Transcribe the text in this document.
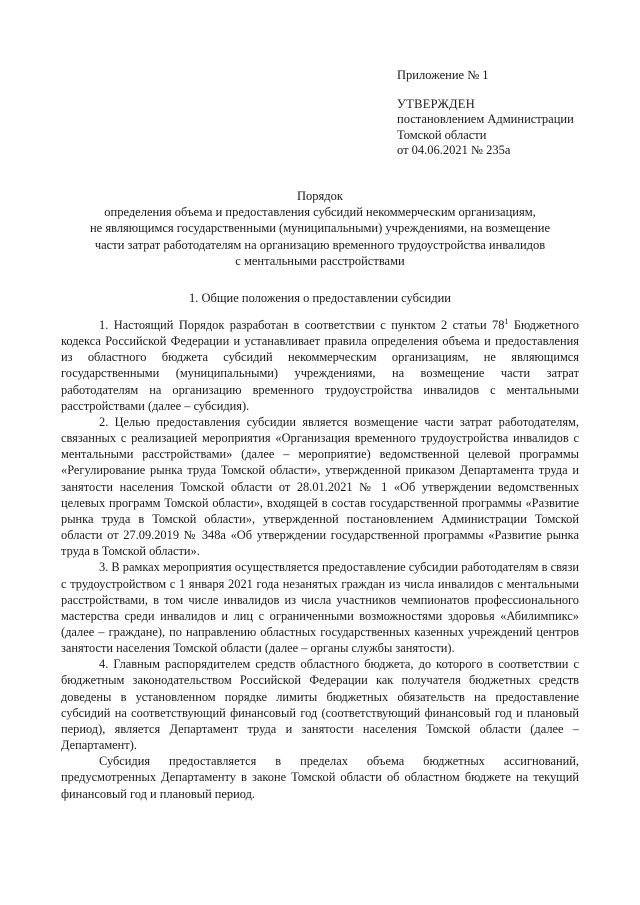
Приложение № 1
УТВЕРЖДЕН
постановлением Администрации
Томской области
от 04.06.2021 № 235а
Порядок
определения объема и предоставления субсидий некоммерческим организациям,
не являющимся государственными (муниципальными) учреждениями, на возмещение
части затрат работодателям на организацию временного трудоустройства инвалидов
с ментальными расстройствами
1. Общие положения о предоставлении субсидии

1. Настоящий Порядок разработан в соответствии с пунктом 2 статьи $78^1$ Бюджетного кодекса Российской Федерации и устанавливает правила определения объема и предоставления из областного бюджета субсидий некоммерческим организациям, не являющимся государственными (муниципальными) учреждениями, на возмещение части затрат работодателям на организацию временного трудоустройства инвалидов с ментальными расстройствами (далее – субсидия).

2. Целью предоставления субсидии является возмещение части затрат работодателям, связанных с реализацией мероприятия «Организация временного трудоустройства инвалидов с ментальными расстройствами» (далее – мероприятие) ведомственной целевой программы «Регулирование рынка труда Томской области», утвержденной приказом Департамента труда и занятости населения Томской области от 28.01.2021 № 1 «Об утверждении ведомственных целевых программ Томской области», входящей в состав государственной программы «Развитие рынка труда в Томской области», утвержденной постановлением Администрации Томской области от 27.09.2019 № 348а «Об утверждении государственной программы «Развитие рынка труда в Томской области».

3. В рамках мероприятия осуществляется предоставление субсидии работодателям в связи с трудоустройством с 1 января 2021 года незанятых граждан из числа инвалидов с ментальными расстройствами, в том числе инвалидов из числа участников чемпионатов профессионального мастерства среди инвалидов и лиц с ограниченными возможностями здоровья «Абилимпикс» (далее – граждане), по направлению областных государственных казенных учреждений центров занятости населения Томской области (далее – органы службы занятости).

4. Главным распорядителем средств областного бюджета, до которого в соответствии с бюджетным законодательством Российской Федерации как получателя бюджетных средств доведены в установленном порядке лимиты бюджетных обязательств на предоставление субсидий на соответствующий финансовый год (соответствующий финансовый год и плановый период), является Департамент труда и занятости населения Томской области (далее – Департамент).

Субсидия предоставляется в пределах объема бюджетных ассигнований, предусмотренных Департаменту в законе Томской области об областном бюджете на текущий финансовый год и плановый период.
